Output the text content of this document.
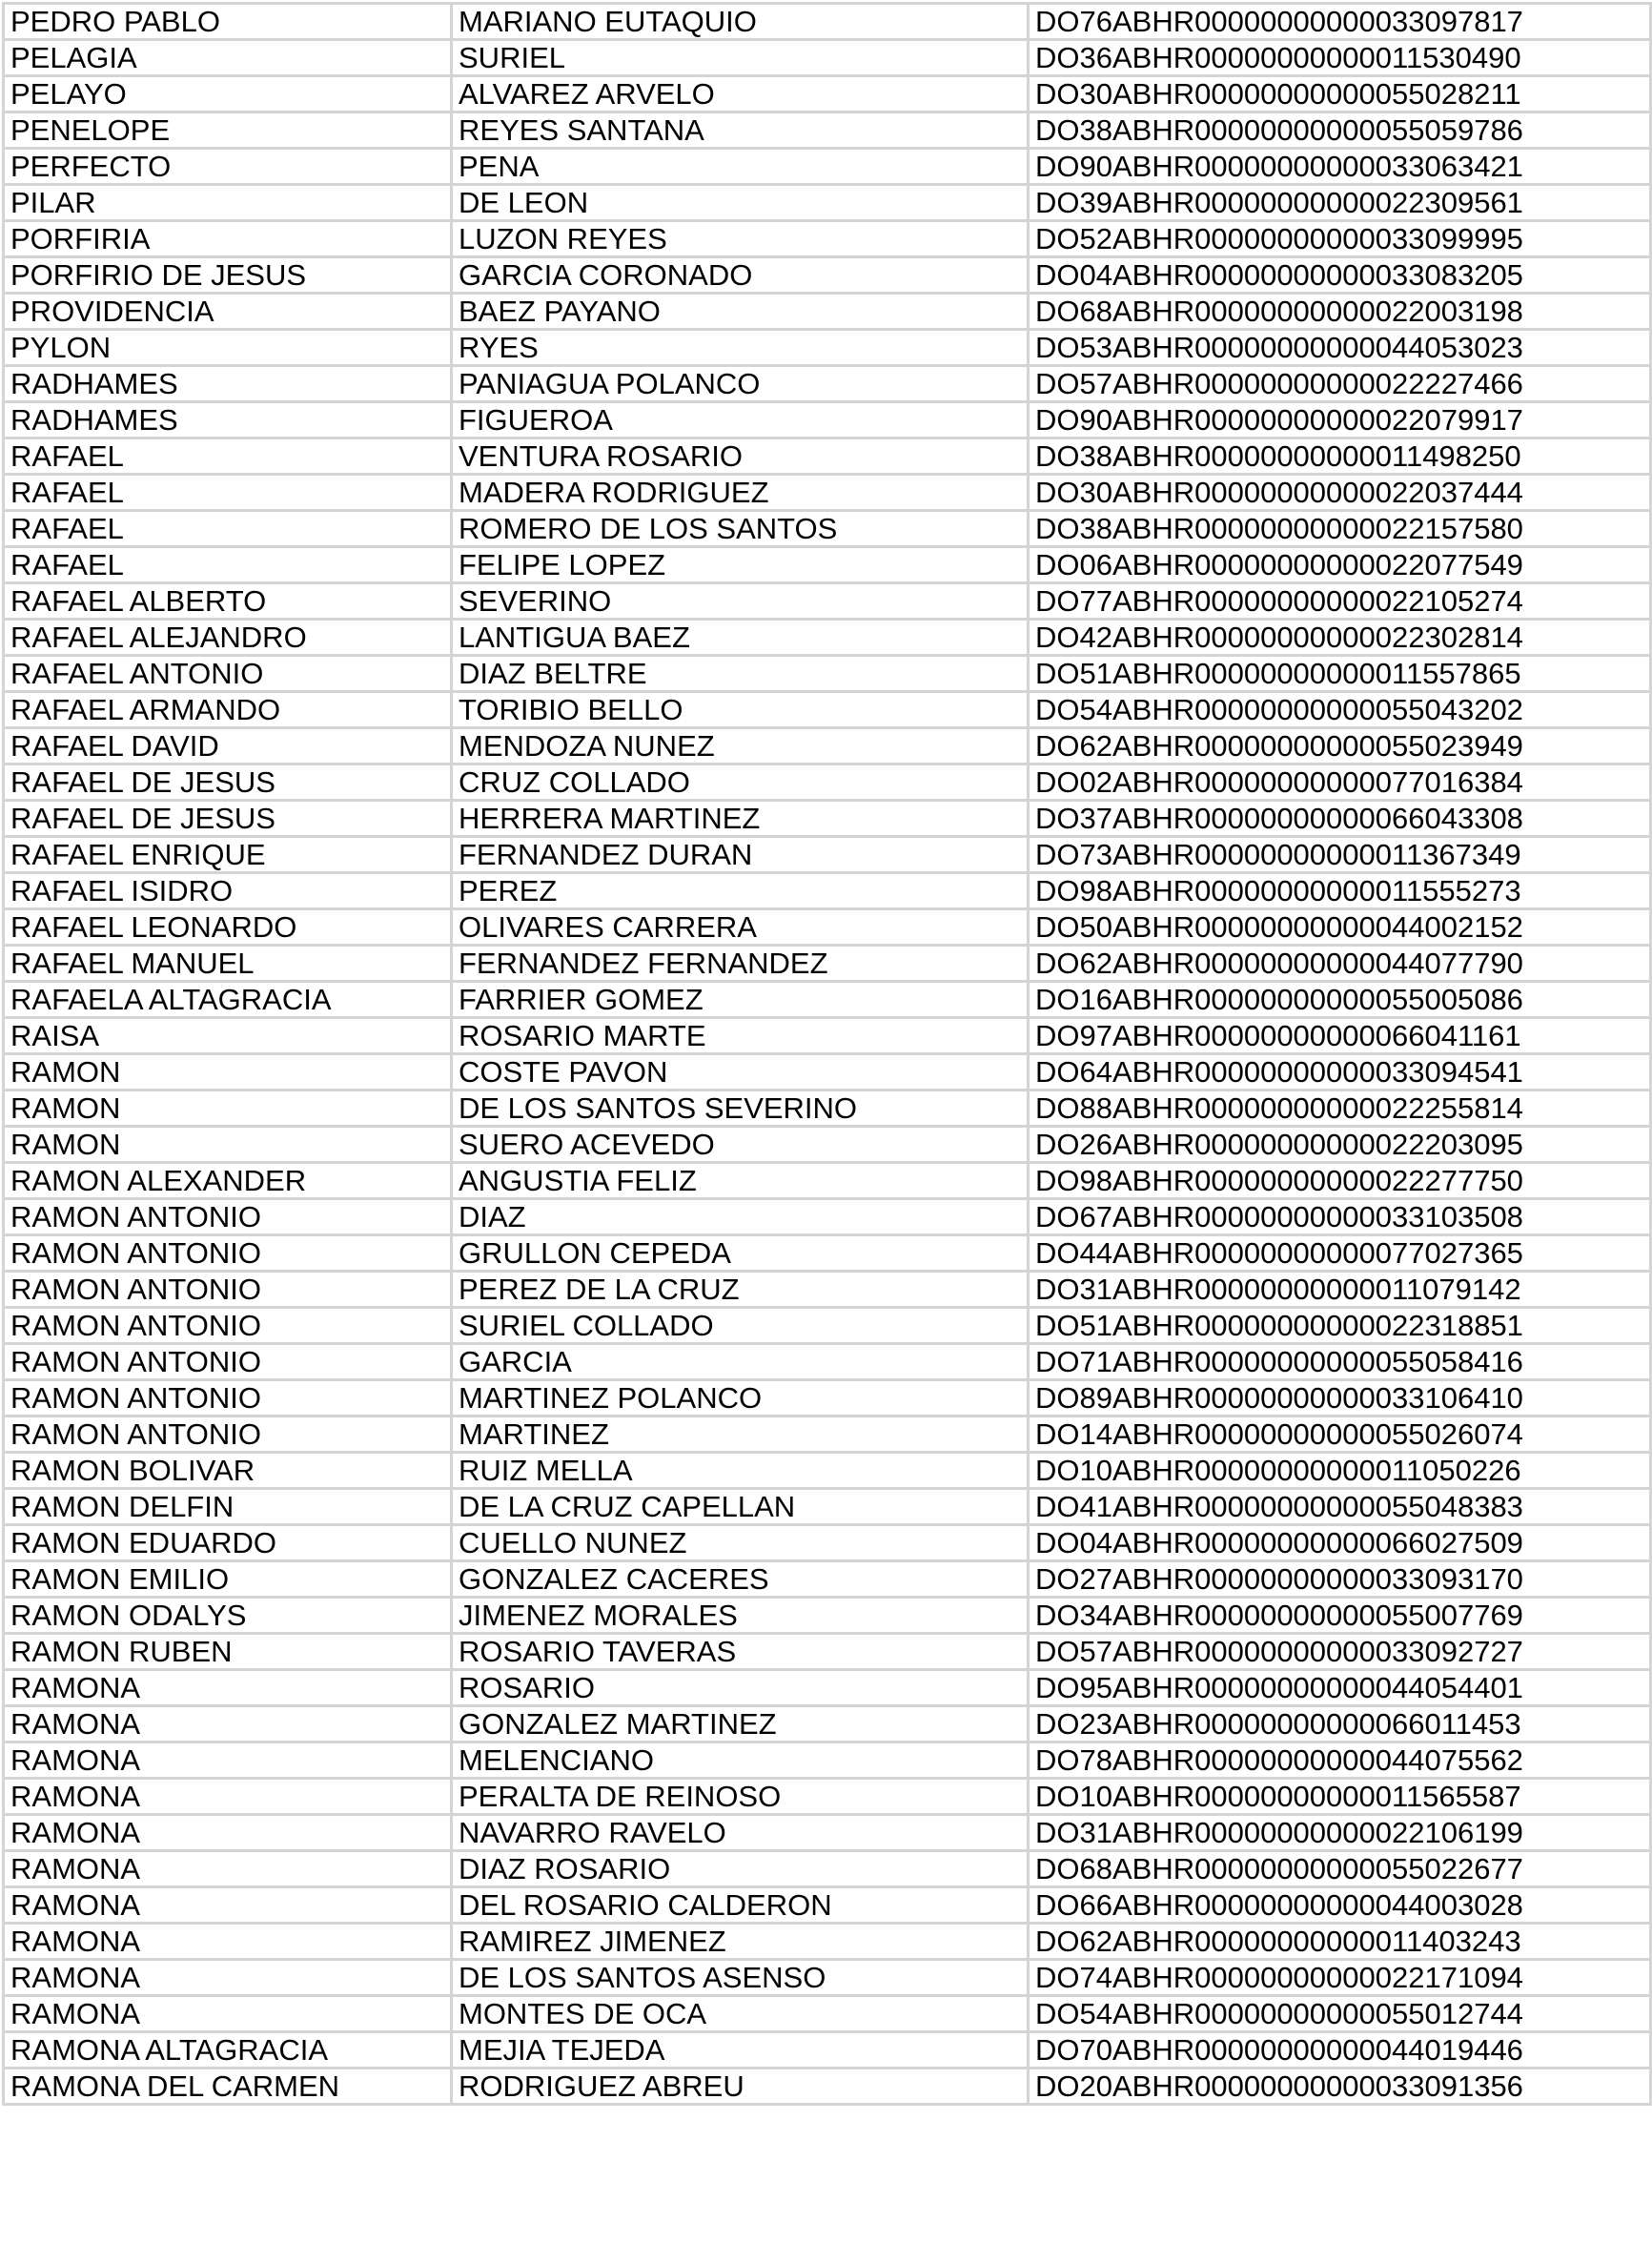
PEDRO PABLO	MARIANO EUTAQUIO	DO76ABHR00000000000033097817
PELAGIA	SURIEL	DO36ABHR00000000000011530490
PELAYO	ALVAREZ ARVELO	DO30ABHR00000000000055028211
PENELOPE	REYES SANTANA	DO38ABHR00000000000055059786
PERFECTO	PENA	DO90ABHR00000000000033063421
PILAR	DE LEON	DO39ABHR00000000000022309561
PORFIRIA	LUZON REYES	DO52ABHR00000000000033099995
PORFIRIO DE JESUS	GARCIA CORONADO	DO04ABHR00000000000033083205
PROVIDENCIA	BAEZ PAYANO	DO68ABHR00000000000022003198
PYLON	RYES	DO53ABHR00000000000044053023
RADHAMES	PANIAGUA POLANCO	DO57ABHR00000000000022227466
RADHAMES	FIGUEROA	DO90ABHR00000000000022079917
RAFAEL	VENTURA ROSARIO	DO38ABHR00000000000011498250
RAFAEL	MADERA RODRIGUEZ	DO30ABHR00000000000022037444
RAFAEL	ROMERO DE LOS SANTOS	DO38ABHR00000000000022157580
RAFAEL	FELIPE LOPEZ	DO06ABHR00000000000022077549
RAFAEL ALBERTO	SEVERINO	DO77ABHR00000000000022105274
RAFAEL ALEJANDRO	LANTIGUA BAEZ	DO42ABHR00000000000022302814
RAFAEL ANTONIO	DIAZ BELTRE	DO51ABHR00000000000011557865
RAFAEL ARMANDO	TORIBIO BELLO	DO54ABHR00000000000055043202
RAFAEL DAVID	MENDOZA NUNEZ	DO62ABHR00000000000055023949
RAFAEL DE JESUS	CRUZ COLLADO	DO02ABHR00000000000077016384
RAFAEL DE JESUS	HERRERA MARTINEZ	DO37ABHR00000000000066043308
RAFAEL ENRIQUE	FERNANDEZ DURAN	DO73ABHR00000000000011367349
RAFAEL ISIDRO	PEREZ	DO98ABHR00000000000011555273
RAFAEL LEONARDO	OLIVARES CARRERA	DO50ABHR00000000000044002152
RAFAEL MANUEL	FERNANDEZ FERNANDEZ	DO62ABHR00000000000044077790
RAFAELA ALTAGRACIA	FARRIER GOMEZ	DO16ABHR00000000000055005086
RAISA	ROSARIO MARTE	DO97ABHR00000000000066041161
RAMON	COSTE PAVON	DO64ABHR00000000000033094541
RAMON	DE LOS SANTOS SEVERINO	DO88ABHR00000000000022255814
RAMON	SUERO ACEVEDO	DO26ABHR00000000000022203095
RAMON ALEXANDER	ANGUSTIA FELIZ	DO98ABHR00000000000022277750
RAMON ANTONIO	DIAZ	DO67ABHR00000000000033103508
RAMON ANTONIO	GRULLON CEPEDA	DO44ABHR00000000000077027365
RAMON ANTONIO	PEREZ DE LA CRUZ	DO31ABHR00000000000011079142
RAMON ANTONIO	SURIEL COLLADO	DO51ABHR00000000000022318851
RAMON ANTONIO	GARCIA	DO71ABHR00000000000055058416
RAMON ANTONIO	MARTINEZ POLANCO	DO89ABHR00000000000033106410
RAMON ANTONIO	MARTINEZ	DO14ABHR00000000000055026074
RAMON BOLIVAR	RUIZ MELLA	DO10ABHR00000000000011050226
RAMON DELFIN	DE LA CRUZ CAPELLAN	DO41ABHR00000000000055048383
RAMON EDUARDO	CUELLO NUNEZ	DO04ABHR00000000000066027509
RAMON EMILIO	GONZALEZ CACERES	DO27ABHR00000000000033093170
RAMON ODALYS	JIMENEZ MORALES	DO34ABHR00000000000055007769
RAMON RUBEN	ROSARIO TAVERAS	DO57ABHR00000000000033092727
RAMONA	ROSARIO	DO95ABHR00000000000044054401
RAMONA	GONZALEZ MARTINEZ	DO23ABHR00000000000066011453
RAMONA	MELENCIANO	DO78ABHR00000000000044075562
RAMONA	PERALTA DE REINOSO	DO10ABHR00000000000011565587
RAMONA	NAVARRO RAVELO	DO31ABHR00000000000022106199
RAMONA	DIAZ ROSARIO	DO68ABHR00000000000055022677
RAMONA	DEL ROSARIO CALDERON	DO66ABHR00000000000044003028
RAMONA	RAMIREZ JIMENEZ	DO62ABHR00000000000011403243
RAMONA	DE LOS SANTOS ASENSO	DO74ABHR00000000000022171094
RAMONA	MONTES DE OCA	DO54ABHR00000000000055012744
RAMONA ALTAGRACIA	MEJIA TEJEDA	DO70ABHR00000000000044019446
RAMONA DEL CARMEN	RODRIGUEZ ABREU	DO20ABHR00000000000033091356
